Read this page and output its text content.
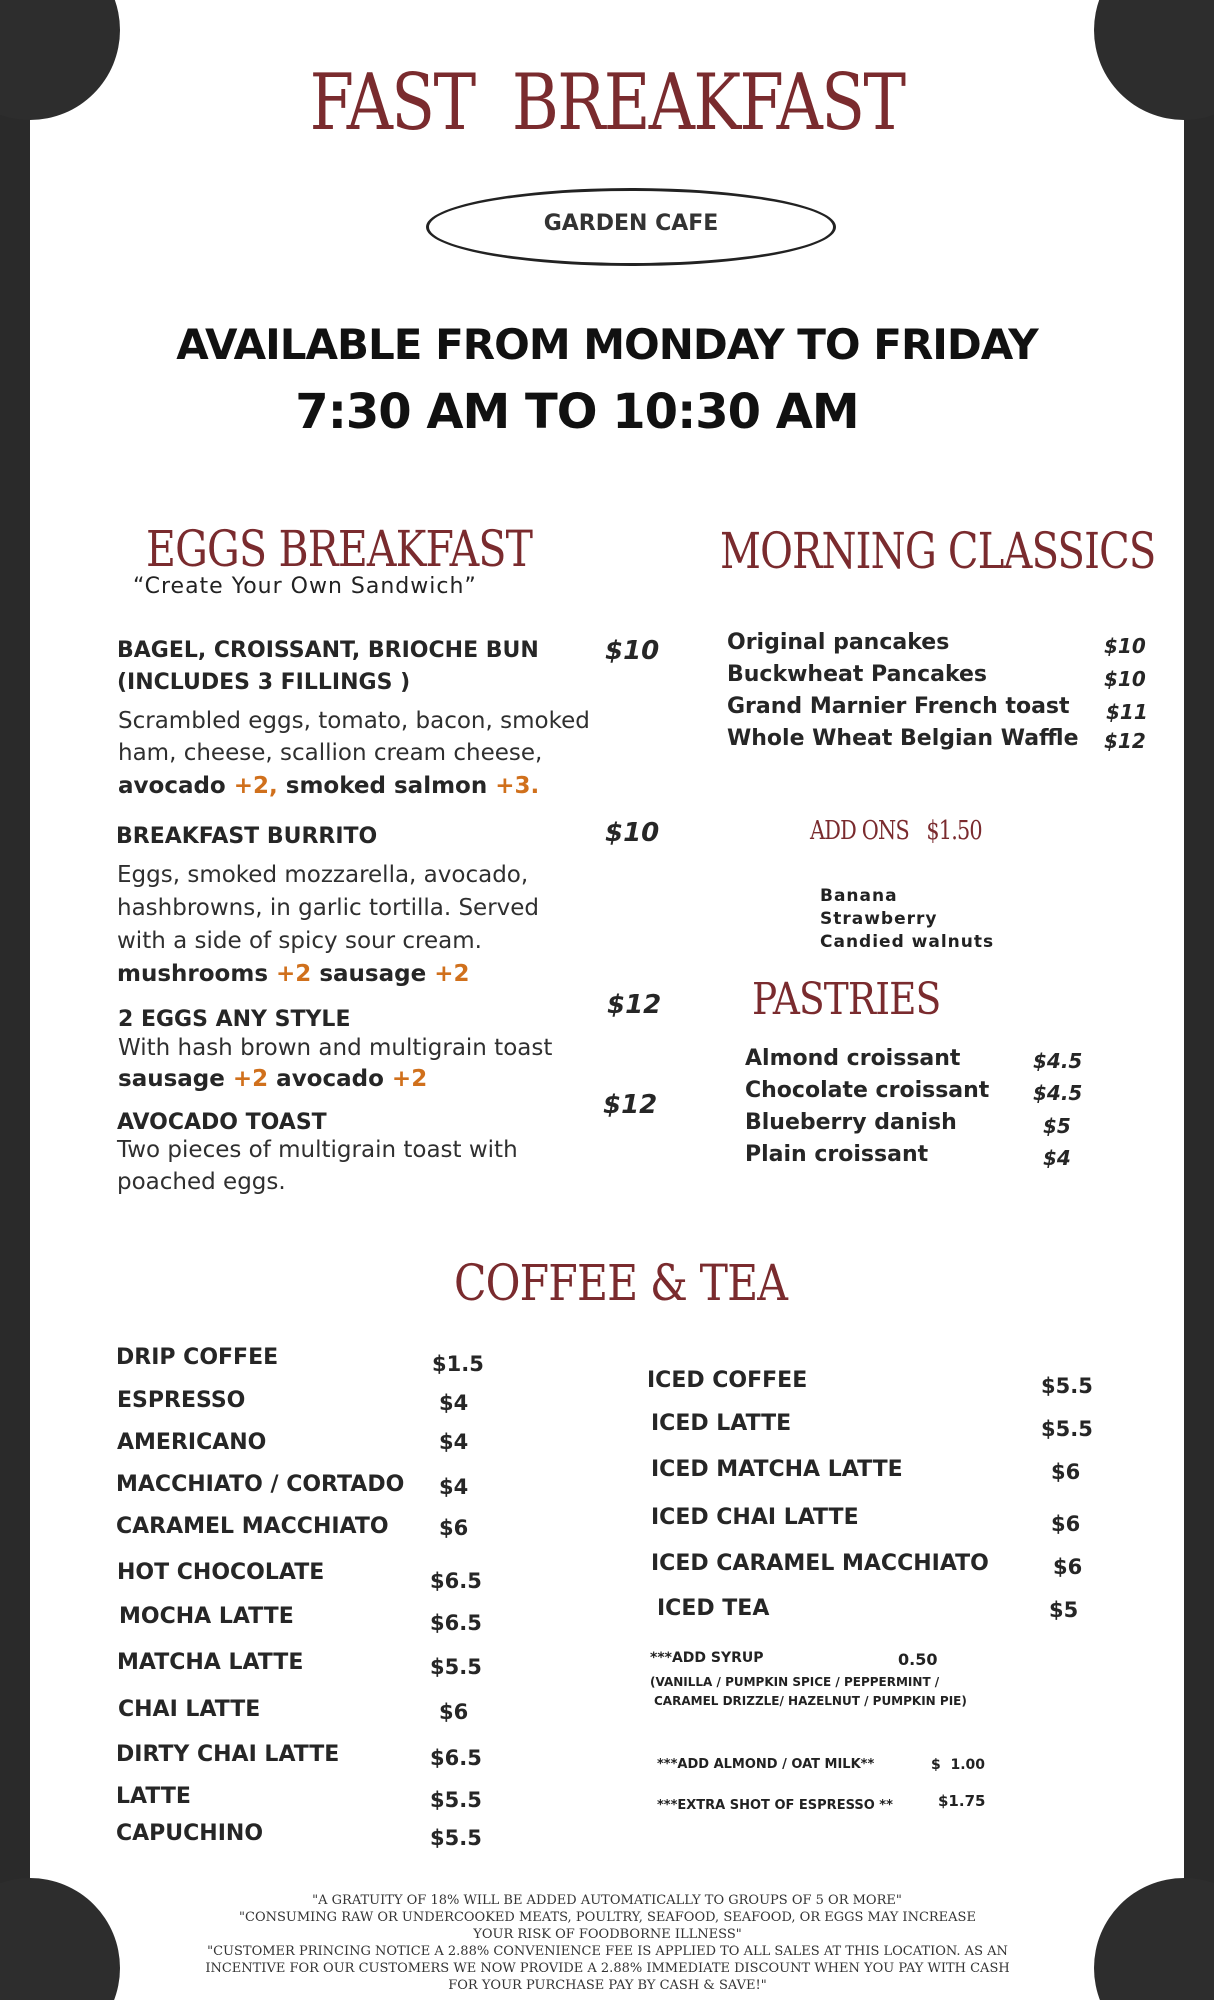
FAST  BREAKFAST
GARDEN CAFE
AVAILABLE FROM MONDAY TO FRIDAY
7:30 AM TO 10:30 AM
EGGS BREAKFAST
“Create Your Own Sandwich”
BAGEL, CROISSANT, BRIOCHE BUN
(INCLUDES 3 FILLINGS )
$10
Scrambled eggs, tomato, bacon, smoked
ham, cheese, scallion cream cheese,
avocado +2, smoked salmon +3.
BREAKFAST BURRITO	$10
Eggs, smoked mozzarella, avocado,
hashbrowns, in garlic tortilla. Served
with a side of spicy sour cream.
mushrooms +2 sausage +2
2 EGGS ANY STYLE	$12
With hash brown and multigrain toast
sausage +2 avocado +2
AVOCADO TOAST
$12
Two pieces of multigrain toast with
poached eggs.
MORNING CLASSICS
Original pancakes	$10
Buckwheat Pancakes	$10
Grand Marnier French toast $11
Whole Wheat Belgian Waffle $12
ADD ONS   $1.50
Banana
Strawberry
Candied walnuts
PASTRIES
Almond croissant	$4.5
Chocolate croissant $4.5
Blueberry danish	$5
Plain croissant	$4
COFFEE & TEA
DRIP COFFEE	$1.5
ESPRESSO	$4
AMERICANO	$4
MACCHIATO / CORTADO $4
CARAMEL MACCHIATO $6
HOT CHOCOLATE	$6.5
MOCHA LATTE	$6.5
MATCHA LATTE	$5.5
CHAI LATTE	$6
DIRTY CHAI LATTE	$6.5
LATTE	$5.5
CAPUCHINO	$5.5
ICED COFFEE	$5.5
ICED LATTE	$5.5
ICED MATCHA LATTE	$6
ICED CHAI LATTE	$6
ICED CARAMEL MACCHIATO	$6
ICED TEA	$5
***ADD SYRUP	0.50
(VANILLA / PUMPKIN SPICE / PEPPERMINT /
CARAMEL DRIZZLE/ HAZELNUT / PUMPKIN PIE)
***ADD ALMOND / OAT MILK**	$  1.00
***EXTRA SHOT OF ESPRESSO **	$1.75
"A GRATUITY OF 18% WILL BE ADDED AUTOMATICALLY TO GROUPS OF 5 OR MORE"
"CONSUMING RAW OR UNDERCOOKED MEATS, POULTRY, SEAFOOD, SEAFOOD, OR EGGS MAY INCREASE YOUR RISK OF FOODBORNE ILLNESS"
"CUSTOMER PRINCING NOTICE A 2.88% CONVENIENCE FEE IS APPLIED TO ALL SALES AT THIS LOCATION. AS AN INCENTIVE FOR OUR CUSTOMERS WE NOW PROVIDE A 2.88% IMMEDIATE DISCOUNT WHEN YOU PAY WITH CASH FOR YOUR PURCHASE PAY BY CASH & SAVE!"
